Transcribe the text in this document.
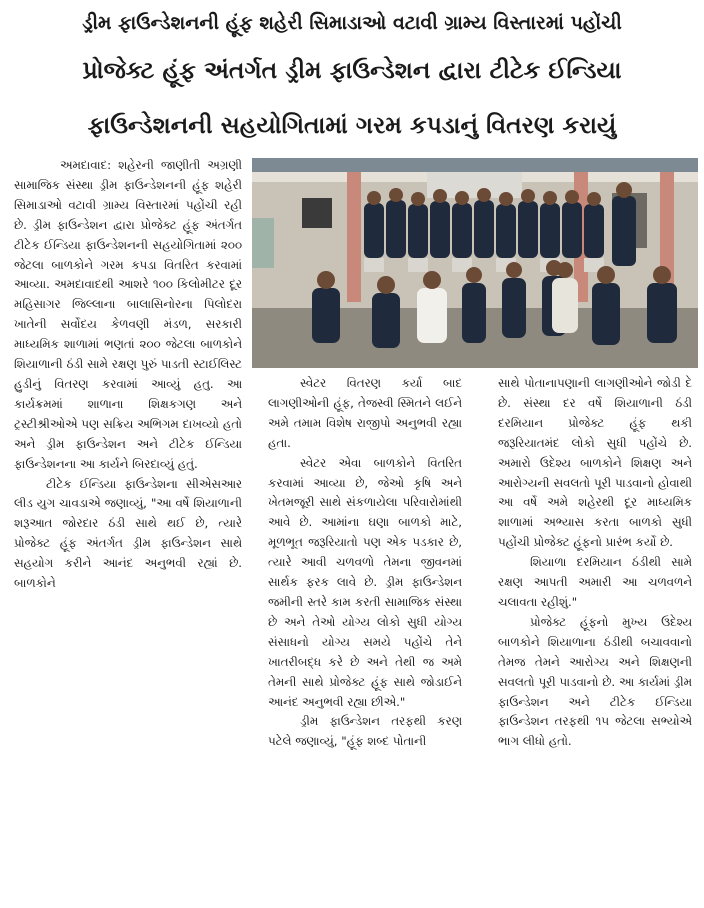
ડ્રીમ ફાઉન્ડેશનની હૂંફ શહેરી સિમાડાઓ વટાવી ગ્રામ્ય વિસ્તારમાં પહોંચી
પ્રોજેક્ટ હૂંફ અંતર્ગત ડ્રીમ ફાઉન્ડેશન દ્વારા ટીટેક ઈન્ડિયા
ફાઉન્ડેશનની સહયોગિતામાં ગરમ કપડાનું વિતરણ કરાયું

અમદાવાદ: શહેરની જાણીતી અગ્રણી સામાજિક સંસ્થા ડ્રીમ ફાઉન્ડેશનની હૂંફ શહેરી સિમાડાઓ વટાવી ગ્રામ્ય વિસ્તારમાં પહોંચી રહી છે. ડ્રીમ ફાઉન્ડેશન દ્વારા પ્રોજેક્ટ હૂંફ અંતર્ગત ટીટેક ઈન્ડિયા ફાઉન્ડેશનની સહયોગિતામાં ૨૦૦ જેટલા બાળકોને ગરમ કપડા વિતરિત કરવામાં આવ્યા. અમદાવાદથી આશરે ૧૦૦ કિલોમીટર દૂર મહિસાગર જિલ્લાના બાલાસિનોરના પિલોદરા ખાતેની સર્વોદય કેળવણી મંડળ, સરકારી માધ્યમિક શાળામાં ભણતાં ૨૦૦ જેટલા બાળકોને શિયાળાની ઠંડી સામે રક્ષણ પુરું પાડતી સ્ટાઈલિસ્ટ હુડીનું વિતરણ કરવામાં આવ્યું હતુ. આ કાર્યક્રમમાં શાળાના શિક્ષકગણ અને ટ્રસ્ટીશ્રીઓએ પણ સક્રિય અભિગમ દાખવ્યો હતો અને ડ્રીમ ફાઉન્ડેશન અને ટીટેક ઈન્ડિયા ફાઉન્ડેશનના આ કાર્યને બિરદાવ્યું હતું.

ટીટેક ઈન્ડિયા ફાઉન્ડેશના સીએસઆર લીડ યુગ ચાવડાએ જણાવ્યું, "આ વર્ષે શિયાળાની શરૂઆત જોરદાર ઠંડી સાથે થઈ છે, ત્યારે પ્રોજેક્ટ હૂંફ અંતર્ગત ડ્રીમ ફાઉન્ડેશન સાથે સહયોગ કરીને આનંદ અનુભવી રહ્યાં છે. બાળકોને

સ્વેટર વિતરણ કર્યા બાદ લાગણીઓની હૂંફ, તેજસ્વી સ્મિતને લઈને અમે તમામ વિશેષ રાજીપો અનુભવી રહ્યા હતા.

સ્વેટર એવા બાળકોને વિતરિત કરવામાં આવ્યા છે, જેઓ કૃષિ અને ખેતમજૂરી સાથે સંકળાયેલા પરિવારોમાંથી આવે છે. આમાંના ઘણા બાળકો માટે, મૂળભૂત જરૂરિયાતો પણ એક પડકાર છે, ત્યારે આવી ચળવળો તેમના જીવનમાં સાર્થક ફરક લાવે છે. ડ્રીમ ફાઉન્ડેશન જમીની સ્તરે કામ કરતી સામાજિક સંસ્થા છે અને તેઓ યોગ્ય લોકો સુધી યોગ્ય સંસાધનો યોગ્ય સમયે પહોંચે તેને ખાતરીબદ્ધ કરે છે અને તેથી જ અમે તેમની સાથે પ્રોજેક્ટ હૂંફ સાથે જોડાઈને આનંદ અનુભવી રહ્યા છીએ."

ડ્રીમ ફાઉન્ડેશન તરફથી કરણ પટેલે જણાવ્યું, "હૂંફ શબ્દ પોતાની

સાથે પોતાનાપણાની લાગણીઓને જોડી દે છે. સંસ્થા દર વર્ષે શિયાળાની ઠંડી દરમિયાન પ્રોજેક્ટ હૂંફ થકી જરૂરિયાતમંદ લોકો સુધી પહોંચે છે. અમારો ઉદેશ્ય બાળકોને શિક્ષણ અને આરોગ્યની સવલતો પૂરી પાડવાનો હોવાથી આ વર્ષે અમે શહેરથી દૂર માધ્યમિક શાળામાં અભ્યાસ કરતા બાળકો સુધી પહોંચી પ્રોજેક્ટ હૂંફનો પ્રારંભ કર્યો છે.

શિયાળા દરમિયાન ઠંડીથી સામે રક્ષણ આપતી અમારી આ ચળવળને ચલાવતા રહીશું."

પ્રોજેક્ટ હૂંફનો મુખ્ય ઉદેશ્ય બાળકોને શિયાળાના ઠંડીથી બચાવવાનો તેમજ તેમને આરોગ્ય અને શિક્ષણની સવલતો પૂરી પાડવાનો છે. આ કાર્યમાં ડ્રીમ ફાઉન્ડેશન અને ટીટેક ઈન્ડિયા ફાઉન્ડેશન તરફથી ૧૫ જેટલા સભ્યોએ ભાગ લીધો હતો.
